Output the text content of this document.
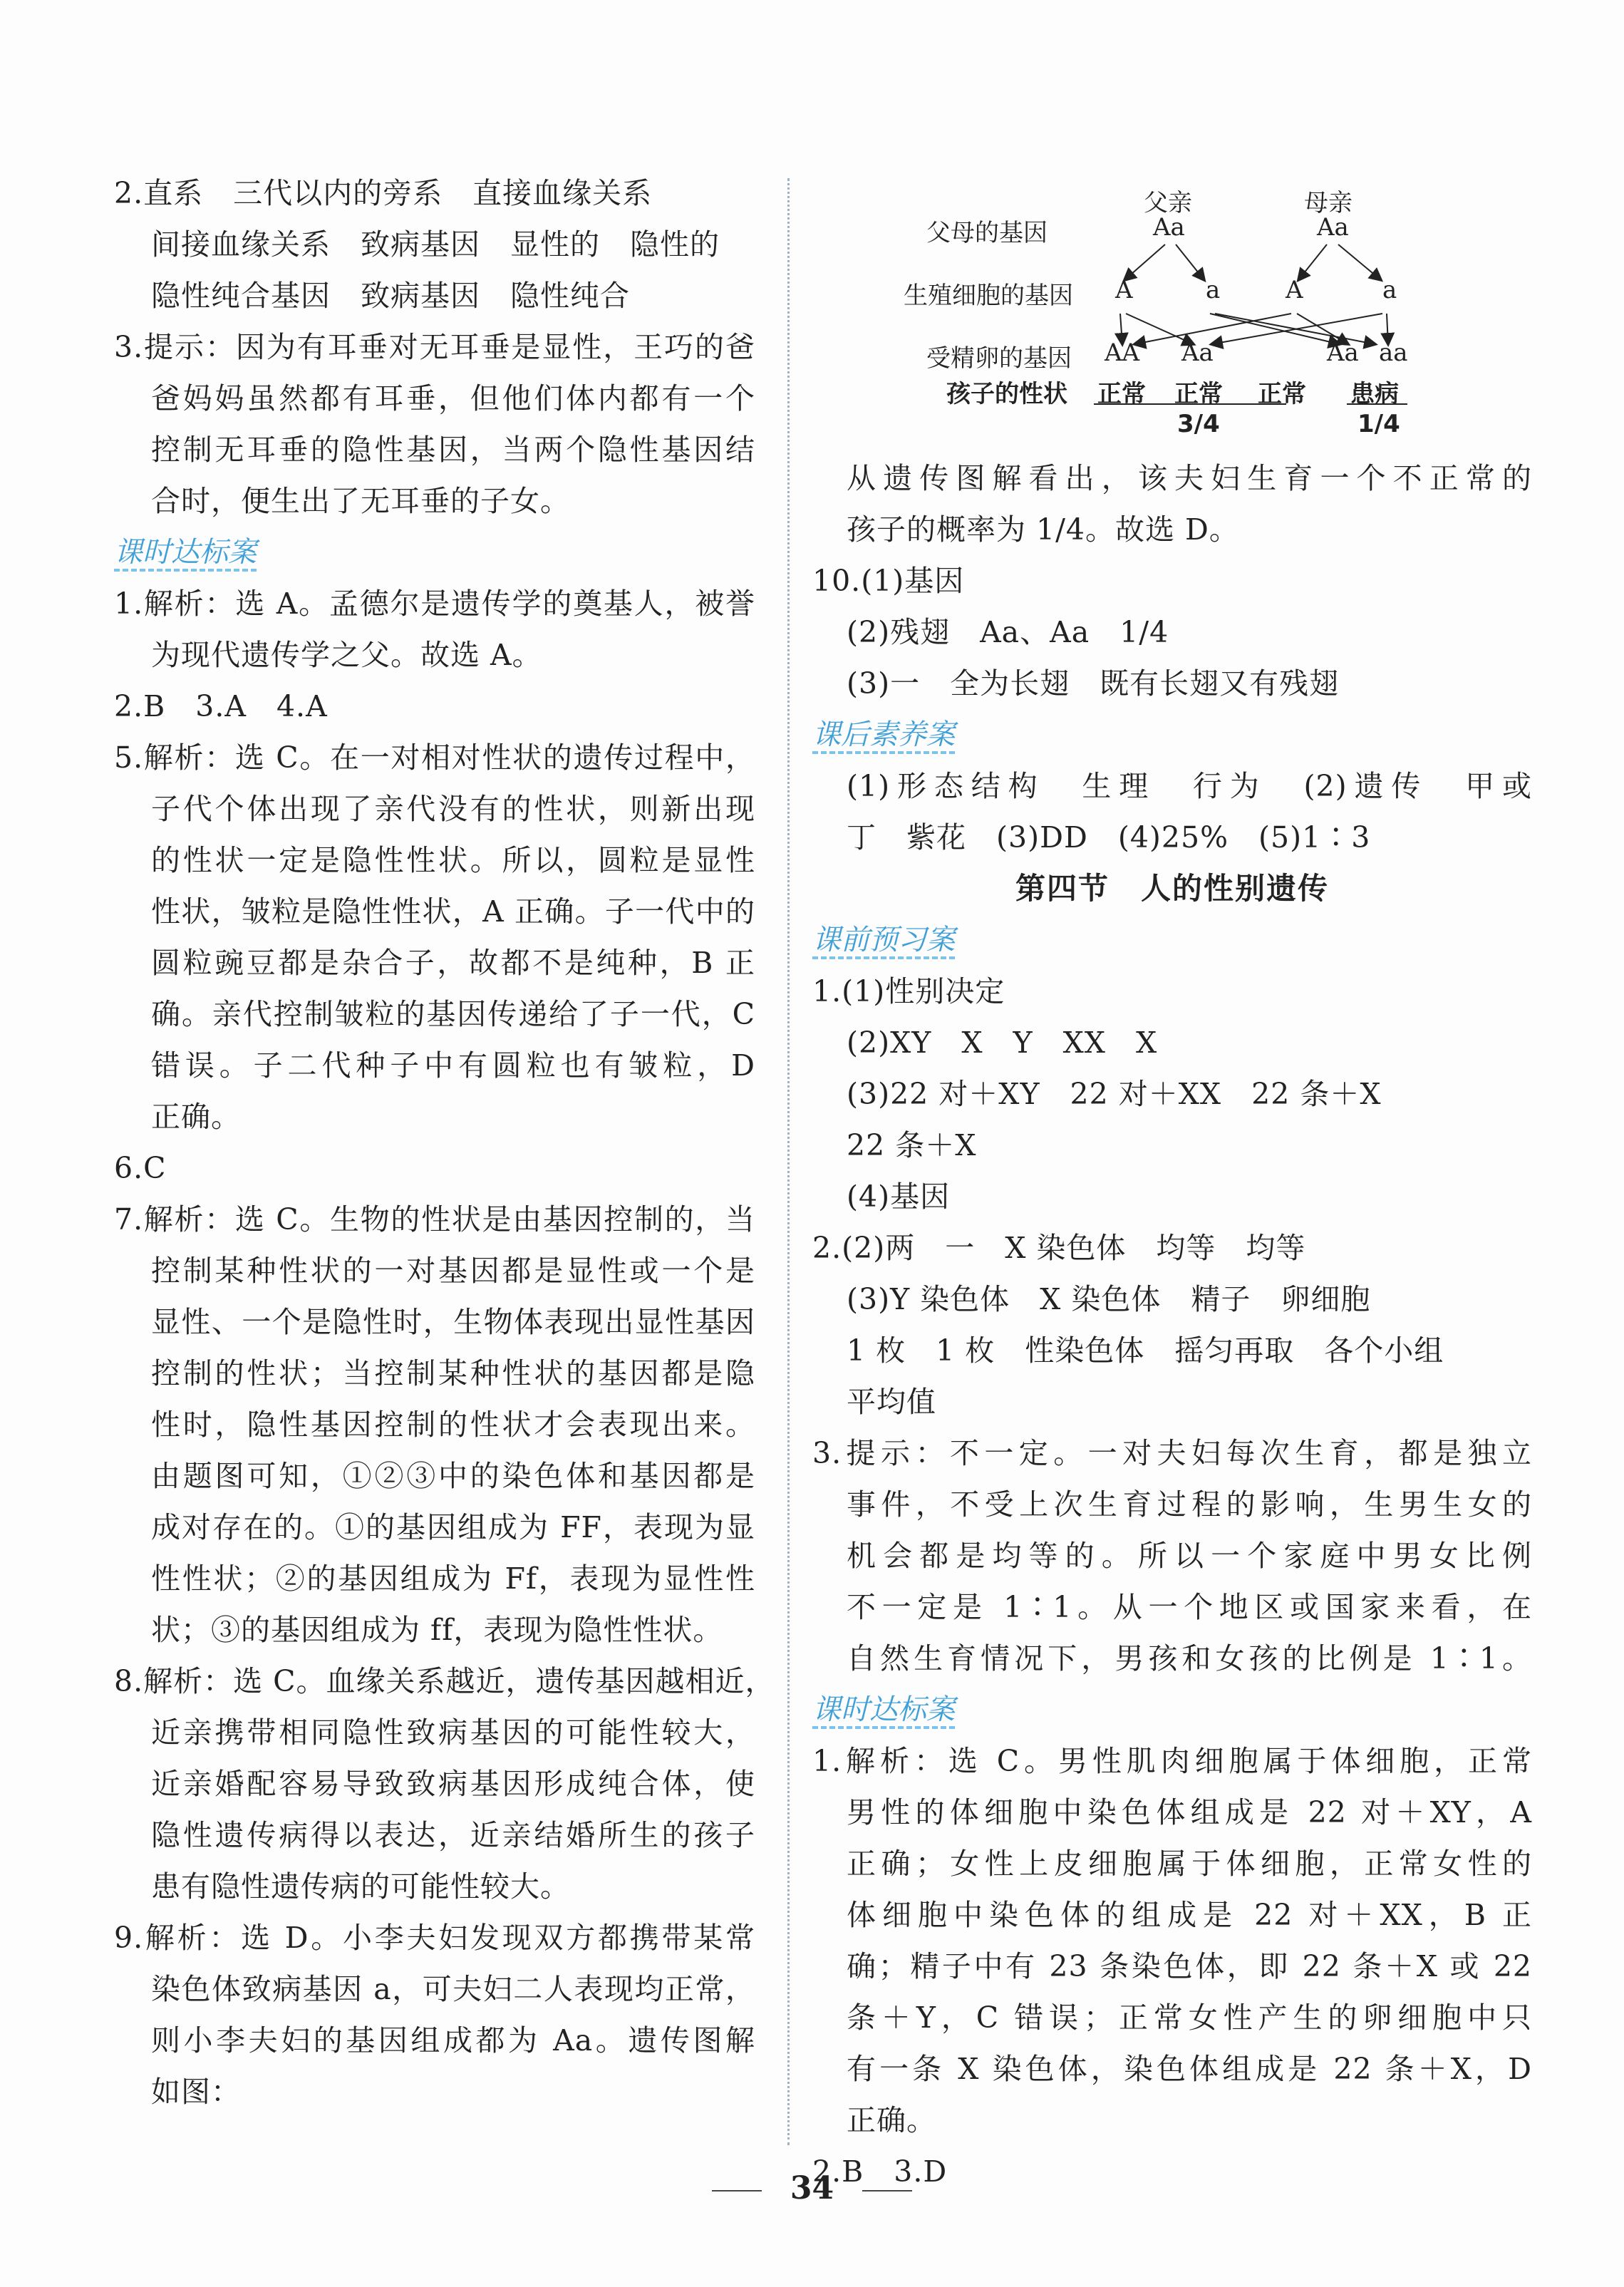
2.直系　三代以内的旁系　直接血缘关系
间接血缘关系　致病基因　显性的　隐性的
隐性纯合基因　致病基因　隐性纯合
3.提示：因为有耳垂对无耳垂是显性，王巧的爸
爸妈妈虽然都有耳垂，但他们体内都有一个
控制无耳垂的隐性基因，当两个隐性基因结
合时，便生出了无耳垂的子女。
课时达标案
1.解析：选 A。孟德尔是遗传学的奠基人，被誉
为现代遗传学之父。故选 A。
2.B　3.A　4.A
5.解析：选 C。在一对相对性状的遗传过程中，
子代个体出现了亲代没有的性状，则新出现
的性状一定是隐性性状。所以，圆粒是显性
性状，皱粒是隐性性状，A 正确。子一代中的
圆粒豌豆都是杂合子，故都不是纯种，B 正
确。亲代控制皱粒的基因传递给了子一代，C
错误。子二代种子中有圆粒也有皱粒，D
正确。
6.C
7.解析：选 C。生物的性状是由基因控制的，当
控制某种性状的一对基因都是显性或一个是
显性、一个是隐性时，生物体表现出显性基因
控制的性状；当控制某种性状的基因都是隐
性时，隐性基因控制的性状才会表现出来。
由题图可知，①②③中的染色体和基因都是
成对存在的。①的基因组成为 FF，表现为显
性性状；②的基因组成为 Ff，表现为显性性
状；③的基因组成为 ff，表现为隐性性状。
8.解析：选 C。血缘关系越近，遗传基因越相近，
近亲携带相同隐性致病基因的可能性较大，
近亲婚配容易导致致病基因形成纯合体，使
隐性遗传病得以表达，近亲结婚所生的孩子
患有隐性遗传病的可能性较大。
9.解析：选 D。小李夫妇发现双方都携带某常
染色体致病基因 a，可夫妇二人表现均正常，
则小李夫妇的基因组成都为 Aa。遗传图解
如图：
父亲	母亲
父母的基因	Aa	Aa
生殖细胞的基因 A	a	A	a
受精卵的基因 AA Aa	Aa aa
孩子的性状 正常 正常 正常 患病
3/4	1/4
从遗传图解看出，该夫妇生育一个不正常的
孩子的概率为 1/4。故选 D。
10.(1)基因
(2)残翅　Aa、Aa　1/4
(3)一　全为长翅　既有长翅又有残翅
课后素养案
(1)形态结构　生理　行为　(2)遗传　甲或
丁　紫花　(3)DD　(4)25%　(5)1∶3
第四节　人的性别遗传
课前预习案
1.(1)性别决定
(2)XY　X　Y　XX　X
(3)22 对＋XY　22 对＋XX　22 条＋X
22 条＋X
(4)基因
2.(2)两　一　X 染色体　均等　均等
(3)Y 染色体　X 染色体　精子　卵细胞
1 枚　1 枚　性染色体　摇匀再取　各个小组
平均值
3.提示：不一定。一对夫妇每次生育，都是独立
事件，不受上次生育过程的影响，生男生女的
机会都是均等的。所以一个家庭中男女比例
不一定是 1∶1。从一个地区或国家来看，在
自然生育情况下，男孩和女孩的比例是 1∶1。
课时达标案
1.解析：选 C。男性肌肉细胞属于体细胞，正常
男性的体细胞中染色体组成是 22 对＋XY，A
正确；女性上皮细胞属于体细胞，正常女性的
体细胞中染色体的组成是 22 对＋XX，B 正
确；精子中有 23 条染色体，即 22 条＋X 或 22
条＋Y，C 错误；正常女性产生的卵细胞中只
有一条 X 染色体，染色体组成是 22 条＋X，D
正确。
2.B　3.D
34
